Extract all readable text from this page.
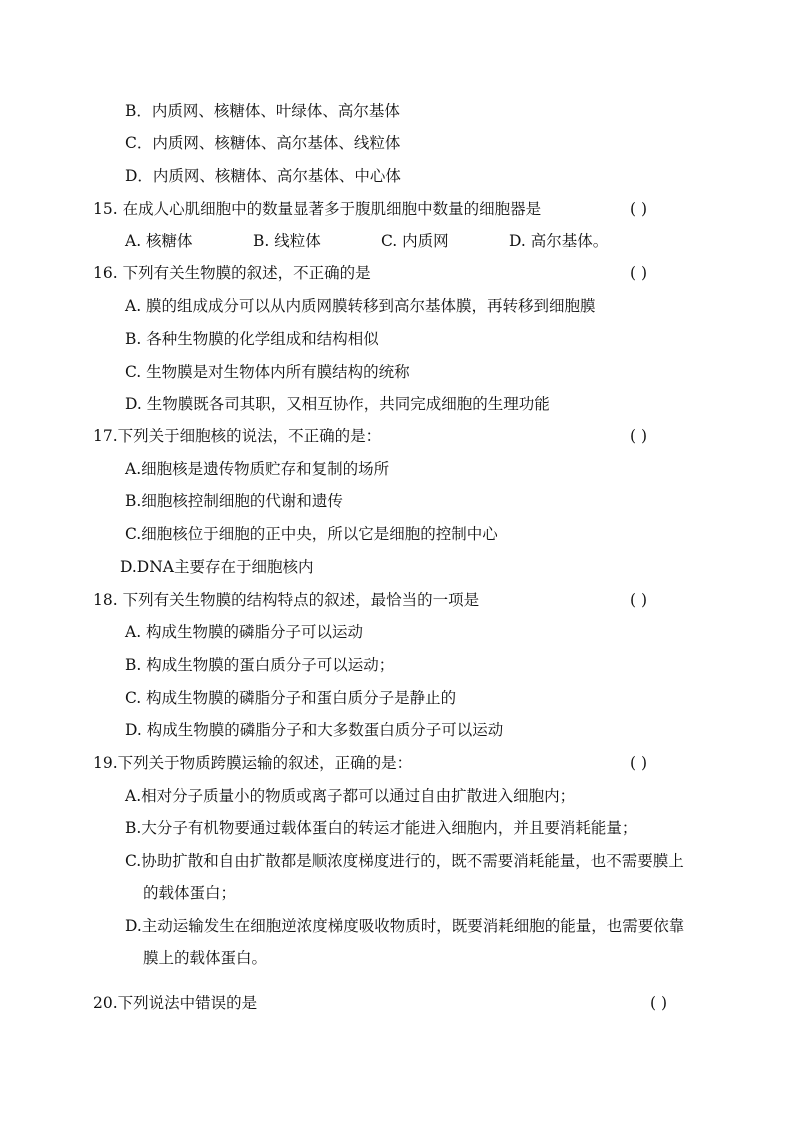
B．内质网、核糖体、叶绿体、高尔基体
C．内质网、核糖体、高尔基体、线粒体
D．内质网、核糖体、高尔基体、中心体
15. 在成人心肌细胞中的数量显著多于腹肌细胞中数量的细胞器是	( )
A. 核糖体	B. 线粒体	C. 内质网	D. 高尔基体。
16. 下列有关生物膜的叙述，不正确的是	( )
A. 膜的组成成分可以从内质网膜转移到高尔基体膜，再转移到细胞膜
B. 各种生物膜的化学组成和结构相似
C. 生物膜是对生物体内所有膜结构的统称
D. 生物膜既各司其职，又相互协作，共同完成细胞的生理功能
17.下列关于细胞核的说法，不正确的是：	( )
A.细胞核是遗传物质贮存和复制的场所
B.细胞核控制细胞的代谢和遗传
C.细胞核位于细胞的正中央，所以它是细胞的控制中心
D.DNA主要存在于细胞核内
18. 下列有关生物膜的结构特点的叙述，最恰当的一项是	( )
A. 构成生物膜的磷脂分子可以运动
B. 构成生物膜的蛋白质分子可以运动；
C. 构成生物膜的磷脂分子和蛋白质分子是静止的
D. 构成生物膜的磷脂分子和大多数蛋白质分子可以运动
19.下列关于物质跨膜运输的叙述，正确的是：	( )
A.相对分子质量小的物质或离子都可以通过自由扩散进入细胞内；
B.大分子有机物要通过载体蛋白的转运才能进入细胞内，并且要消耗能量；
C.协助扩散和自由扩散都是顺浓度梯度进行的，既不需要消耗能量，也不需要膜上
的载体蛋白；
D.主动运输发生在细胞逆浓度梯度吸收物质时，既要消耗细胞的能量，也需要依靠
膜上的载体蛋白。
20.下列说法中错误的是	( )
